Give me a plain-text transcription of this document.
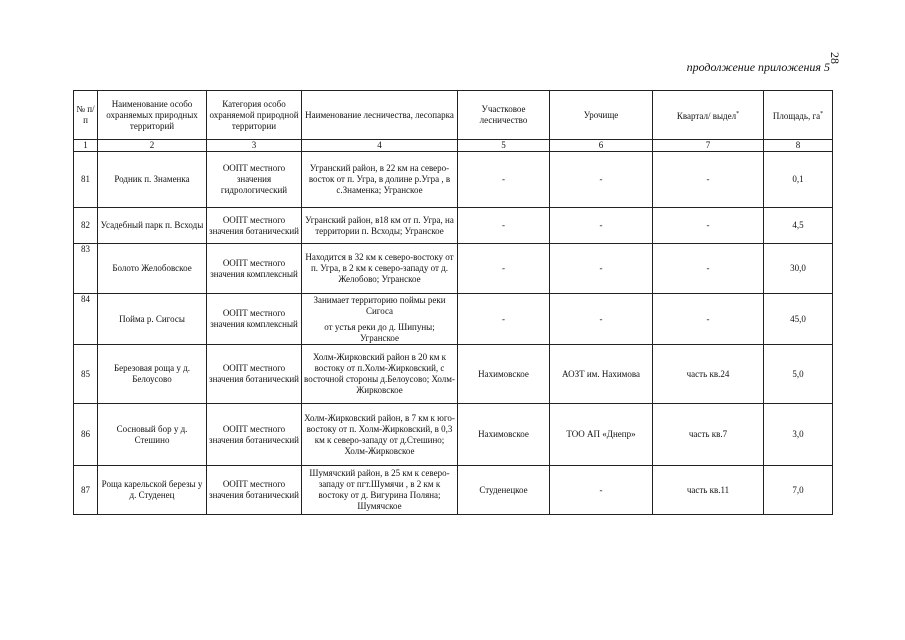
28
продолжение приложения 5
№ п/п	Наименование особо охраняемых природных территорий	Категория особо охраняемой природной территории	Наименование лесничества, лесопарка	Участковое лесничество	Урочище	Квартал/ выдел*	Площадь, га*
1	2	3	4	5	6	7	8
81	Родник п. Знаменка	ООПТ местного значения гидрологический	Угранский район, в 22 км на северо-восток от п. Угра, в долине р.Угра , в с.Знаменка; Угранское	-	-	-	0,1
82	Усадебный парк п. Всходы	ООПТ местного значения ботанический	Угранский район, в18 км от п. Угра, на территории п. Всходы; Угранское	-	-	-	4,5
83	Болото Желобовское	ООПТ местного значения комплексный	Находится в 32 км к северо-востоку от п. Угра, в 2 км к северо-западу от д. Желобово; Угранское	-	-	-	30,0
84	Пойма р. Сигосы	ООПТ местного значения комплексный	Занимает территорию поймы реки Сигоса
от устья реки до д. Шипуны; Угранское	-	-	-	45,0
85	Березовая роща у д. Белоусово	ООПТ местного значения ботанический	Холм-Жирковский район в 20 км к востоку от п.Холм-Жирковский, с восточной стороны д.Белоусово; Холм-Жирковское	Нахимовское	АОЗТ им. Нахимова	часть кв.24	5,0
86	Сосновый бор у д. Стешино	ООПТ местного значения ботанический	Холм-Жирковский район, в 7 км к юго-востоку от п. Холм-Жирковский, в 0,3 км к северо-западу от д.Стешино; Холм-Жирковское	Нахимовское	ТОО АП «Днепр»	часть кв.7	3,0
87	Роща карельской березы у д. Студенец	ООПТ местного значения ботанический	Шумячский район, в 25 км к северо-западу от пгт.Шумячи , в 2 км к востоку от д. Вигурина Поляна; Шумячское	Студенецкое	-	часть кв.11	7,0
